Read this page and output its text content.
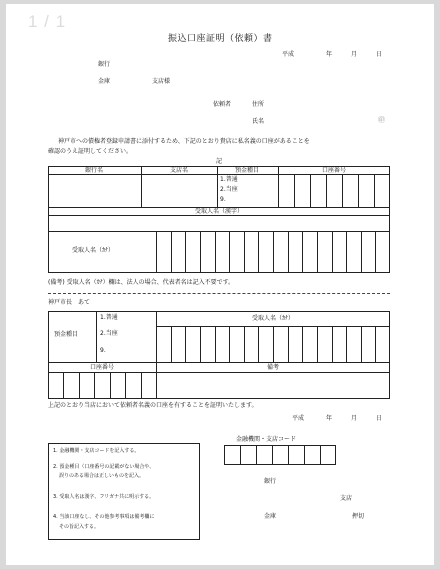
1 / 1
振込口座証明（依頼）書
平成	年	月	日
銀行
金庫	支店様
依頼者	住所
氏名	㊞
神戸市への債権者登録申請書に添付するため、下記のとおり貴店に私名義の口座があることを
確認のうえ証明してください。
記
銀行名	支店名	預金種目	口座番号
1.普通
2.当座
9.
受取人名（漢字）
受取人名（ｶﾅ）
(備考) 受取人名（ｶﾅ）欄は、法人の場合、代表者名は記入不要です。
神戸市長　あて
預金種目
1.普通
2.当座
9.
受取人名（ｶﾅ）
口座番号	備考
上記のとおり当店において依頼者名義の口座を有することを証明いたします。
平成	年	月	日
金融機関・支店コード
銀行
支店
金庫	押切
1. 金融機関・支店コードを記入する。
2. 預金種目（口座番号の記載がない場合や、
誤りのある場合は正しいものを記入。
3. 受取人名は漢字、フリガナ共に明示する。
4. 当該口座なし、その他参考事項は備考欄に
その旨記入する。
